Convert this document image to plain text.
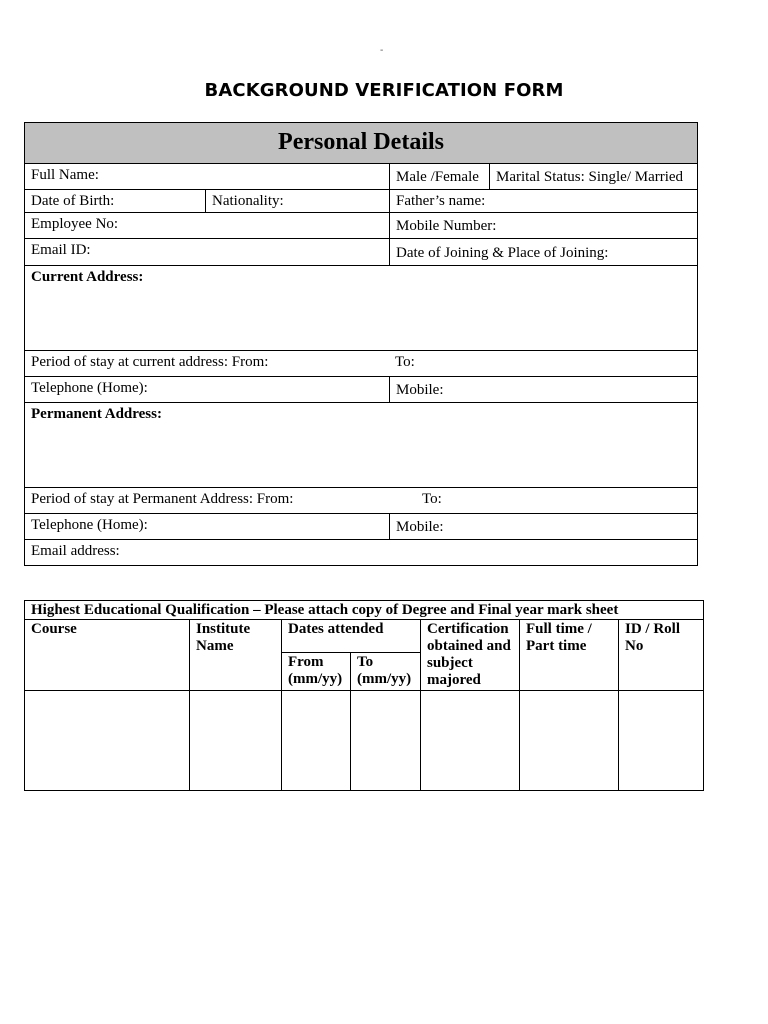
-
BACKGROUND VERIFICATION FORM
Personal Details			
Full Name:		Male /Female	Marital Status: Single/ Married
Date of Birth:	Nationality:	Father’s name:	
Employee No:		Mobile Number:	
Email ID:		Date of Joining & Place of Joining:	
Current Address:			

Period of stay at current address: From: To:			

Telephone (Home):		Mobile:	
Permanent Address:			

Period of stay at Permanent Address: From: To:			

Telephone (Home):		Mobile:	
Email address:			
Highest Educational Qualification – Please attach copy of Degree and Final year mark sheet						
Course	Institute Name	Dates attended		Certification obtained and subject majored	Full time / Part time	ID / Roll No
		From (mm/yy)	To (mm/yy)			
